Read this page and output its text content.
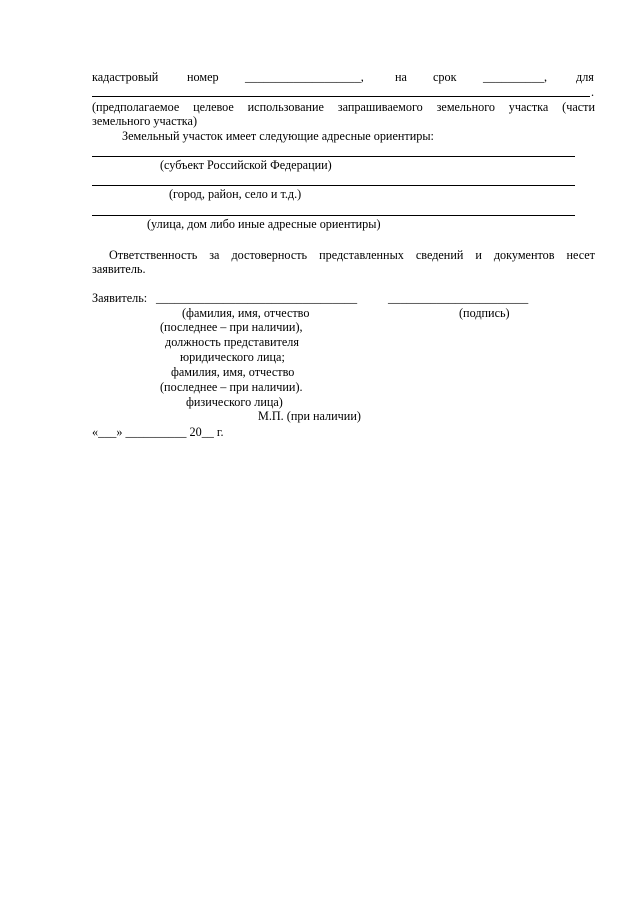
кадастровый номер ___________________,	на срок __________, для
.
(предполагаемое целевое использование запрашиваемого земельного участка (части
земельного участка)
Земельный участок имеет следующие адресные ориентиры:
(субъект Российской Федерации)
(город, район, село и т.д.)
(улица, дом либо иные адресные ориентиры)
Ответственность за достоверность представленных сведений и документов несет
заявитель.
Заявитель: _________________________________	_______________________
(фамилия, имя, отчество	(подпись)
(последнее – при наличии),
должность представителя
юридического лица;
фамилия, имя, отчество
(последнее – при наличии).
физического лица)
М.П. (при наличии)
«___» __________ 20__ г.
